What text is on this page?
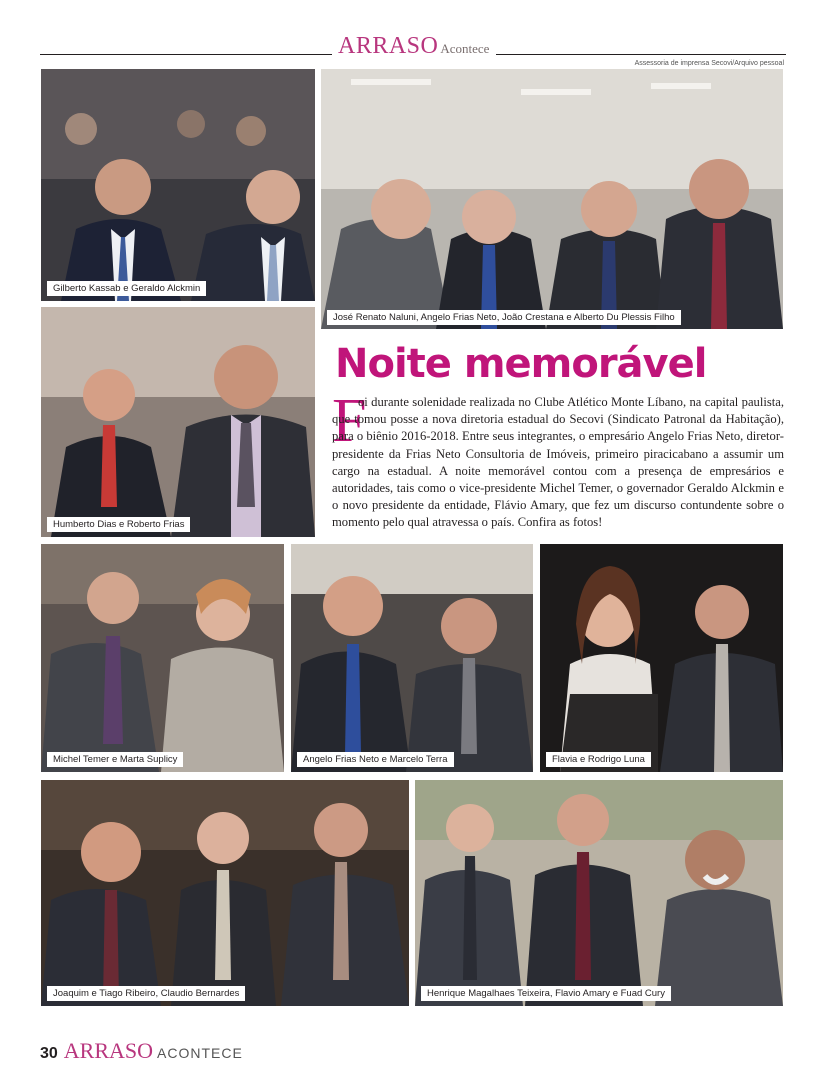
ARRASO Acontece
Assessoria de imprensa Secovi/Arquivo pessoal
Gilberto Kassab e Geraldo Alckmin
José Renato Naluni, Angelo Frias Neto, João Crestana e Alberto Du Plessis Filho
Humberto Dias e Roberto Frias
Noite memorável
F
oi durante solenidade realizada no Clube Atlético Monte Líbano, na capital paulista, que tomou posse a nova diretoria estadual do Secovi (Sindicato Patronal da Habitação), para o biênio 2016-2018. Entre seus integrantes, o empresário Angelo Frias Neto, diretor-presidente da Frias Neto Consultoria de Imóveis, primeiro piracicabano a assumir um cargo na estadual. A noite memorável contou com a presença de empresários e autoridades, tais como o vice-presidente Michel Temer, o governador Geraldo Alckmin e o novo presidente da entidade, Flávio Amary, que fez um discurso contundente sobre o momento pelo qual atravessa o país. Confira as fotos!
Michel Temer e Marta Suplicy	Angelo Frias Neto e Marcelo Terra	Flavia e Rodrigo Luna
Joaquim e Tiago Ribeiro, Claudio Bernardes	Henrique Magalhaes Teixeira, Flavio Amary e Fuad Cury
30 ARRASO ACONTECE
